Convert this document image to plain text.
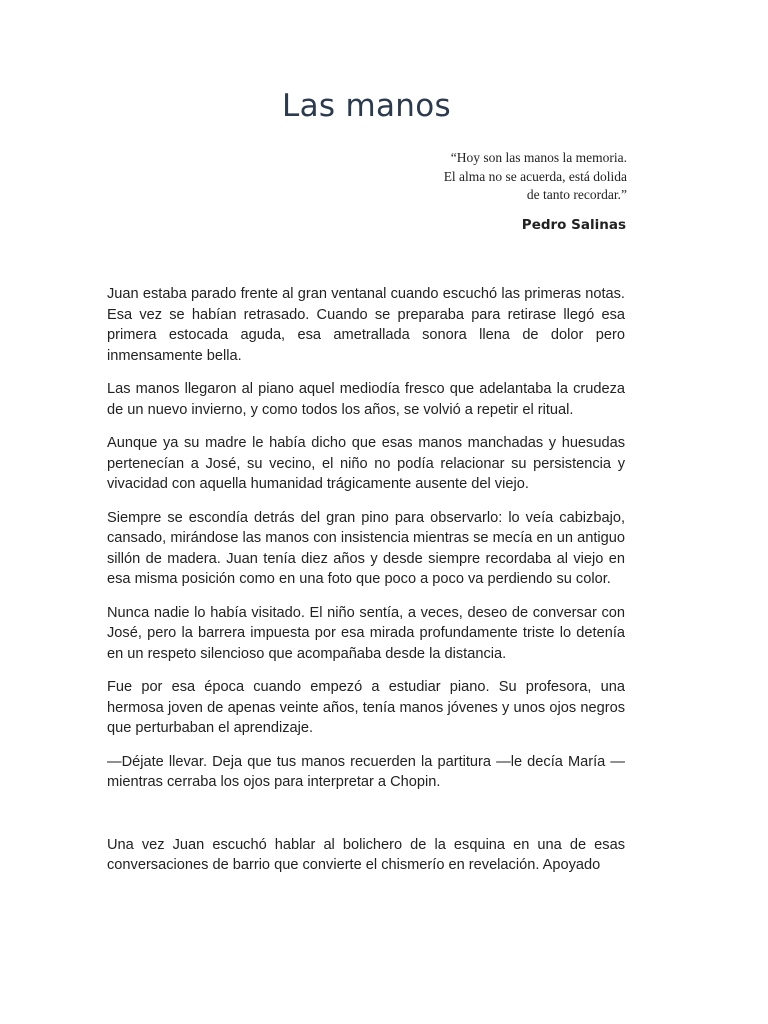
Las manos
“Hoy son las manos la memoria.
El alma no se acuerda, está dolida
de tanto recordar.”
Pedro Salinas

Juan estaba parado frente al gran ventanal cuando escuchó las primeras notas. Esa vez se habían retrasado. Cuando se preparaba para retirase llegó esa primera estocada aguda, esa ametrallada sonora llena de dolor pero inmensamente bella.

Las manos llegaron al piano aquel mediodía fresco que adelantaba la crudeza de un nuevo invierno, y como todos los años, se volvió a repetir el ritual.

Aunque ya su madre le había dicho que esas manos manchadas y huesudas pertenecían a José, su vecino, el niño no podía relacionar su persistencia y vivacidad con aquella humanidad trágicamente ausente del viejo.

Siempre se escondía detrás del gran pino para observarlo: lo veía cabizbajo, cansado, mirándose las manos con insistencia mientras se mecía en un antiguo sillón de madera. Juan tenía diez años y desde siempre recordaba al viejo en esa misma posición como en una foto que poco a poco va perdiendo su color.

Nunca nadie lo había visitado. El niño sentía, a veces, deseo de conversar con José, pero la barrera impuesta por esa mirada profundamente triste lo detenía en un respeto silencioso que acompañaba desde la distancia.

Fue por esa época cuando empezó a estudiar piano. Su profesora, una hermosa joven de apenas veinte años, tenía manos jóvenes y unos ojos negros que perturbaban el aprendizaje.

—Déjate llevar. Deja que tus manos recuerden la partitura —le decía María — mientras cerraba los ojos para interpretar a Chopin.

Una vez Juan escuchó hablar al bolichero de la esquina en una de esas conversaciones de barrio que convierte el chismerío en revelación. Apoyado
